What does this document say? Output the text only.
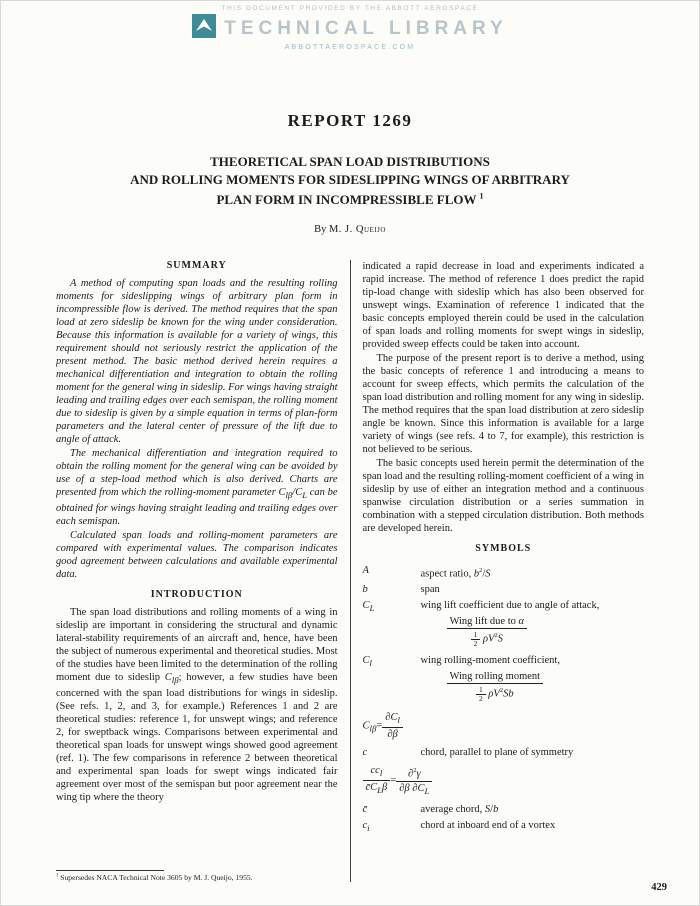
THIS DOCUMENT PROVIDED BY THE ABBOTT AEROSPACE
TECHNICAL LIBRARY
ABBOTTAEROSPACE.COM
REPORT 1269
THEORETICAL SPAN LOAD DISTRIBUTIONS
AND ROLLING MOMENTS FOR SIDESLIPPING WINGS OF ARBITRARY
PLAN FORM IN INCOMPRESSIBLE FLOW $^1$
By M. J. Queijo
SUMMARY

A method of computing span loads and the resulting rolling moments for sideslipping wings of arbitrary plan form in incompressible flow is derived. The method requires that the span load at zero sideslip be known for the wing under consideration. Because this information is available for a variety of wings, this requirement should not seriously restrict the application of the present method. The basic method derived herein requires a mechanical differentiation and integration to obtain the rolling moment for the general wing in sideslip. For wings having straight leading and trailing edges over each semispan, the rolling moment due to sideslip is given by a simple equation in terms of plan-form parameters and the lateral center of pressure of the lift due to angle of attack.

The mechanical differentiation and integration required to obtain the rolling moment for the general wing can be avoided by use of a step-load method which is also derived. Charts are presented from which the rolling-moment parameter $C_{l\beta}/C_L$ can be obtained for wings having straight leading and trailing edges over each semispan.

Calculated span loads and rolling-moment parameters are compared with experimental values. The comparison indicates good agreement between calculations and available experimental data.

INTRODUCTION

The span load distributions and rolling moments of a wing in sideslip are important in considering the structural and dynamic lateral-stability requirements of an aircraft and, hence, have been the subject of numerous experimental and theoretical studies. Most of the studies have been limited to the determination of the rolling moment due to sideslip $C_{l\beta}$; however, a few studies have been concerned with the span load distributions for wings in sideslip. (See refs. 1, 2, and 3, for example.) References 1 and 2 are theoretical studies: reference 1, for unswept wings; and reference 2, for sweptback wings. Comparisons between experimental and theoretical span loads for unswept wings showed good agreement (ref. 1). The few comparisons in reference 2 between theoretical and experimental span loads for swept wings indicated fair agreement over most of the semispan but poor agreement near the wing tip where the theory

$^1$ Supersedes NACA Technical Note 3605 by M. J. Queijo, 1955.

indicated a rapid decrease in load and experiments indicated a rapid increase. The method of reference 1 does predict the rapid tip-load change with sideslip which has also been observed for unswept wings. Examination of reference 1 indicated that the basic concepts employed therein could be used in the calculation of span loads and rolling moments for swept wings in sideslip, provided sweep effects could be taken into account.

The purpose of the present report is to derive a method, using the basic concepts of reference 1 and introducing a means to account for sweep effects, which permits the calculation of the span load distribution and rolling moment for any wing in sideslip. The method requires that the span load distribution at zero sideslip angle be known. Since this information is available for a large variety of wings (see refs. 4 to 7, for example), this restriction is not believed to be serious.

The basic concepts used herein permit the determination of the span load and the resulting rolling-moment coefficient of a wing in sideslip by use of either an integration method and a continuous spanwise circulation distribution or a series summation in combination with a stepped circulation distribution. Both methods are developed herein.

SYMBOLS
A	aspect ratio, $b^2/S$
b	span
$C_L$	wing lift coefficient due to angle of attack,
$\frac{\text{Wing lift due to α}}{\frac{1}{2} \rho V^2S}$
$C_l$	wing rolling-moment coefficient,
$\frac{\text{Wing rolling moment}}{\frac{1}{2} \rho V^2Sb}$
$C_{l\beta}= \frac{\partial C_l}{\partial\beta}$
c	chord, parallel to plane of symmetry
$\frac{cc_l}{c̄C_L\beta} = \frac{\partial^2\gamma}{\partial\beta \partial C_L}$
c̄	average chord, S/b
$c_i$	chord at inboard end of a vortex
429
